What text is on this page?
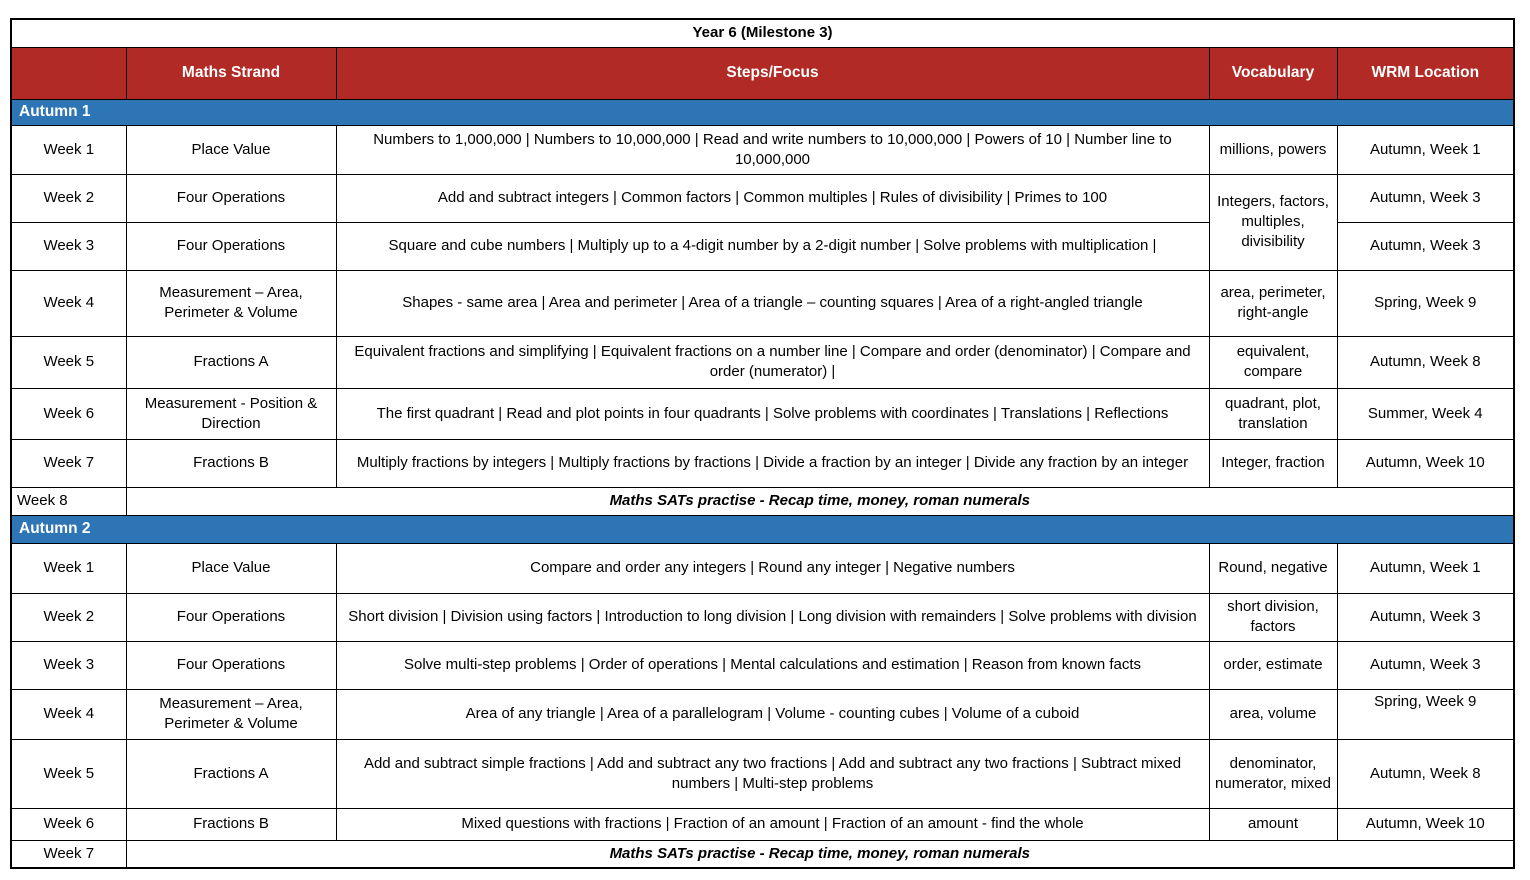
Year 6 (Milestone 3)				
	Maths Strand	Steps/Focus	Vocabulary	WRM Location
Autumn 1				
Week 1	Place Value	Numbers to 1,000,000 | Numbers to 10,000,000 | Read and write numbers to 10,000,000 | Powers of 10 | Number line to 10,000,000	millions, powers	Autumn, Week 1
Week 2	Four Operations	Add and subtract integers | Common factors | Common multiples | Rules of divisibility | Primes to 100	Integers, factors, multiples, divisibility	Autumn, Week 3
Week 3	Four Operations	Square and cube numbers | Multiply up to a 4-digit number by a 2-digit number | Solve problems with multiplication |		Autumn, Week 3
Week 4	Measurement – Area, Perimeter & Volume	Shapes - same area | Area and perimeter | Area of a triangle – counting squares | Area of a right-angled triangle	area, perimeter, right-angle	Spring, Week 9
Week 5	Fractions A	Equivalent fractions and simplifying | Equivalent fractions on a number line | Compare and order (denominator) | Compare and order (numerator) |	equivalent, compare	Autumn, Week 8
Week 6	Measurement - Position & Direction	The first quadrant | Read and plot points in four quadrants | Solve problems with coordinates | Translations | Reflections	quadrant, plot, translation	Summer, Week 4
Week 7	Fractions B	Multiply fractions by integers | Multiply fractions by fractions | Divide a fraction by an integer | Divide any fraction by an integer	Integer, fraction	Autumn, Week 10
Week 8	Maths SATs practise - Recap time, money, roman numerals			
Autumn 2				
Week 1	Place Value	Compare and order any integers | Round any integer | Negative numbers	Round, negative	Autumn, Week 1
Week 2	Four Operations	Short division | Division using factors | Introduction to long division | Long division with remainders | Solve problems with division	short division, factors	Autumn, Week 3
Week 3	Four Operations	Solve multi-step problems | Order of operations | Mental calculations and estimation | Reason from known facts	order, estimate	Autumn, Week 3
Week 4	Measurement – Area, Perimeter & Volume	Area of any triangle | Area of a parallelogram | Volume - counting cubes | Volume of a cuboid	area, volume	Spring, Week 9
Week 5	Fractions A	Add and subtract simple fractions | Add and subtract any two fractions | Add and subtract any two fractions | Subtract mixed numbers | Multi-step problems	denominator, numerator, mixed	Autumn, Week 8
Week 6	Fractions B	Mixed questions with fractions | Fraction of an amount | Fraction of an amount - find the whole	amount	Autumn, Week 10
Week 7	Maths SATs practise - Recap time, money, roman numerals			
